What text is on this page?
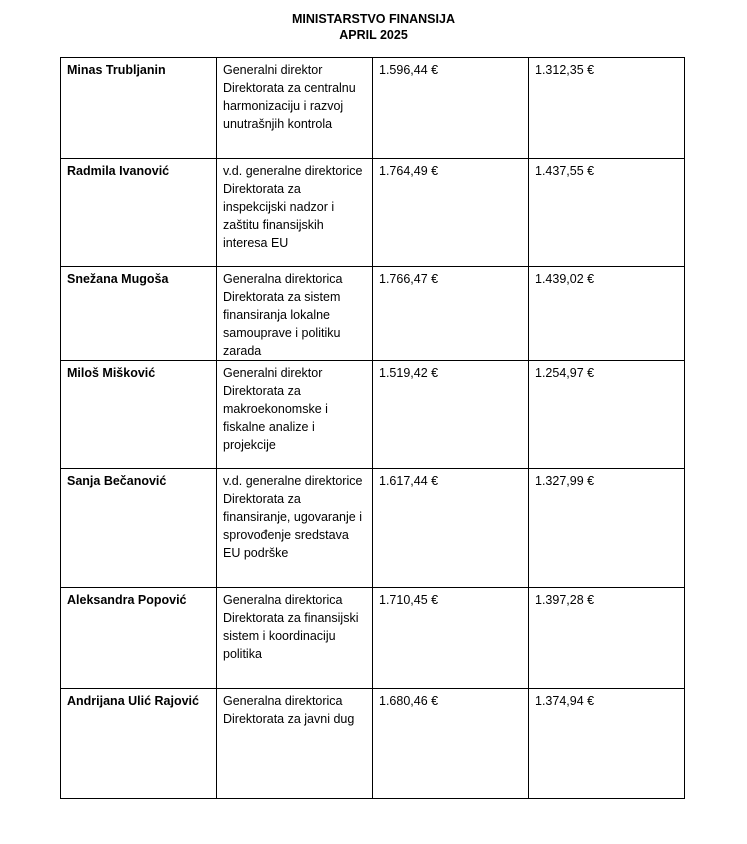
MINISTARSTVO FINANSIJA
APRIL 2025
Minas Trubljanin	Generalni direktor Direktorata za centralnu harmonizaciju i razvoj unutrašnjih kontrola	1.596,44 €	1.312,35 €
Radmila Ivanović	v.d. generalne direktorice Direktorata za inspekcijski nadzor i zaštitu finansijskih interesa EU	1.764,49 €	1.437,55 €
Snežana Mugoša	Generalna direktorica Direktorata za sistem finansiranja lokalne samouprave i politiku zarada	1.766,47 €	1.439,02 €
Miloš Mišković	Generalni direktor Direktorata za makroekonomske i fiskalne analize i projekcije	1.519,42 €	1.254,97 €
Sanja Bečanović	v.d. generalne direktorice Direktorata za finansiranje, ugovaranje i sprovođenje sredstava EU podrške	1.617,44 €	1.327,99 €
Aleksandra Popović	Generalna direktorica Direktorata za finansijski sistem i koordinaciju politika	1.710,45 €	1.397,28 €
Andrijana Ulić Rajović	Generalna direktorica Direktorata za javni dug	1.680,46 €	1.374,94 €
